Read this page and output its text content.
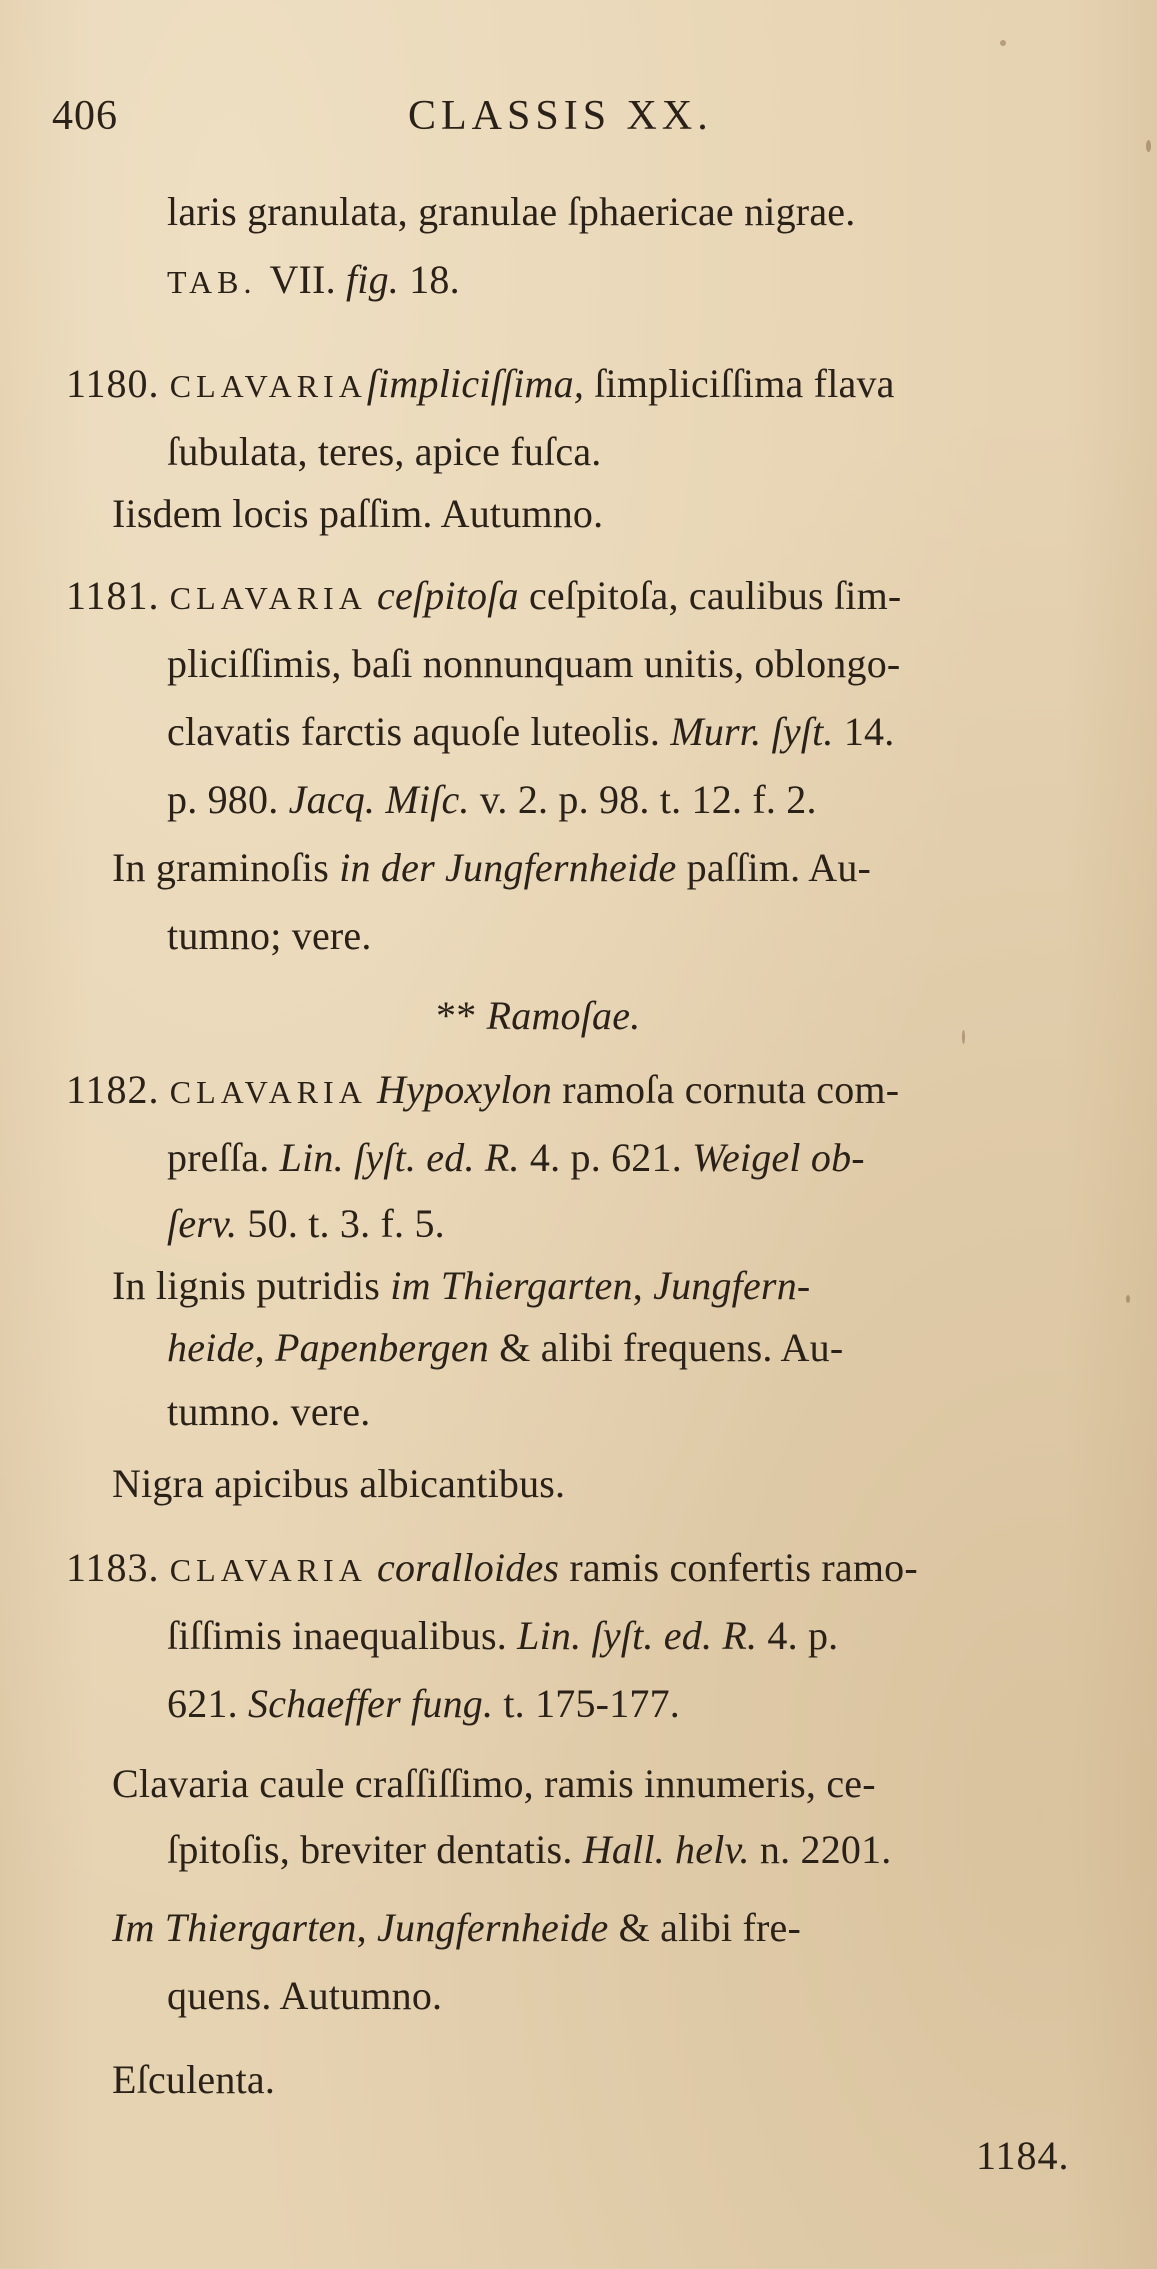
406	CLASSIS XX.
laris granulata, granulae ſphaericae nigrae.
TAB. VII. fig. 18.
1180. CLAVARIAſimpliciſſima, ſimpliciſſima flava
ſubulata, teres, apice fuſca.
Iisdem locis paſſim. Autumno.
1181. CLAVARIA ceſpitoſa ceſpitoſa, caulibus ſim-
pliciſſimis, baſi nonnunquam unitis, oblongo-
clavatis farctis aquoſe luteolis. Murr. ſyſt. 14.
p. 980. Jacq. Miſc. v. 2. p. 98. t. 12. f. 2.
In graminoſis in der Jungfernheide paſſim. Au-
tumno; vere.
** Ramoſae.
1182. CLAVARIA Hypoxylon ramoſa cornuta com-
preſſa. Lin. ſyſt. ed. R. 4. p. 621. Weigel ob-
ſerv. 50. t. 3. f. 5.
In lignis putridis im Thiergarten, Jungfern-
heide, Papenbergen & alibi frequens. Au-
tumno. vere.
Nigra apicibus albicantibus.
1183. CLAVARIA coralloides ramis confertis ramo-
ſiſſimis inaequalibus. Lin. ſyſt. ed. R. 4. p.
621. Schaeffer fung. t. 175-177.
Clavaria caule craſſiſſimo, ramis innumeris, ce-
ſpitoſis, breviter dentatis. Hall. helv. n. 2201.
Im Thiergarten, Jungfernheide & alibi fre-
quens. Autumno.
Eſculenta.
1184.
